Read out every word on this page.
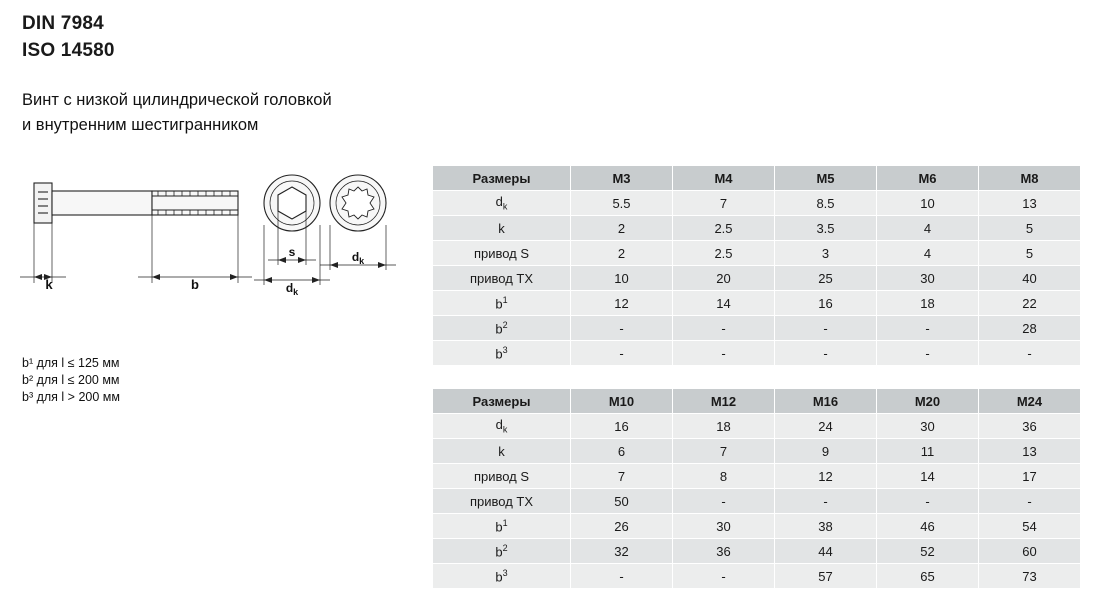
DIN 7984
ISO 14580
Винт с низкой цилиндрической головкой
и внутренним шестигранником
k	b
s
$d_k$
$d_k$
b¹ для l ≤ 125 мм
b² для l ≤ 200 мм
b³ для l > 200 мм
Размеры	M3	M4	M5	M6	M8
$d_k$	5.5	7	8.5	10	13
k	2	2.5	3.5	4	5
привод S	2	2.5	3	4	5
привод TX	10	20	25	30	40
$b^1$	12	14	16	18	22
$b^2$	-	-	-	-	28
$b^3$	-	-	-	-	-
Размеры	M10	M12	M16	M20	M24
$d_k$	16	18	24	30	36
k	6	7	9	11	13
привод S	7	8	12	14	17
привод TX	50	-	-	-	-
$b^1$	26	30	38	46	54
$b^2$	32	36	44	52	60
$b^3$	-	-	57	65	73
